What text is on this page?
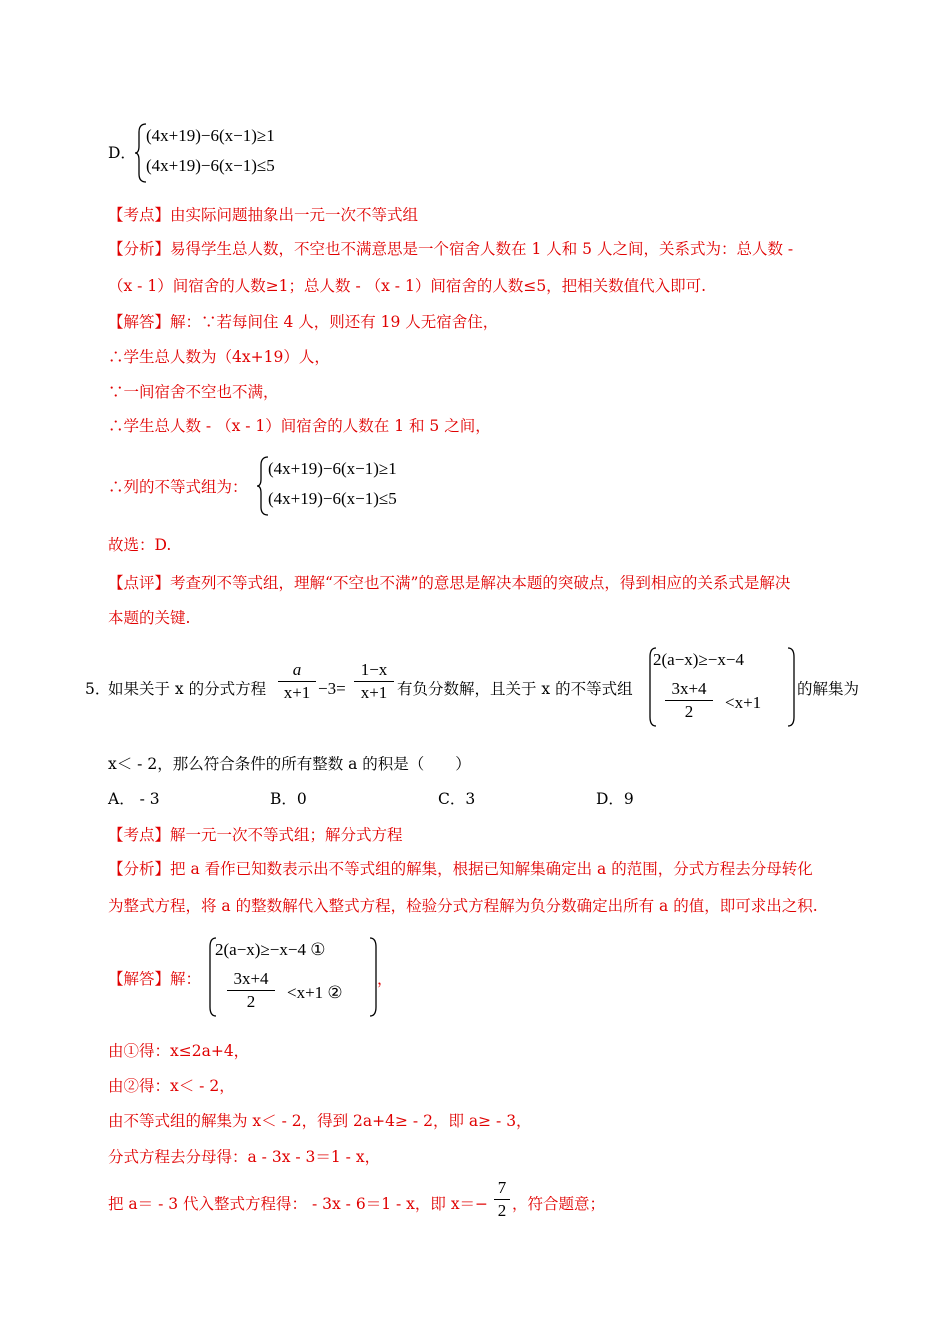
D．
(4x+19)−6(x−1)≥1
(4x+19)−6(x−1)≤5
【考点】由实际问题抽象出一元一次不等式组
【分析】易得学生总人数，不空也不满意思是一个宿舍人数在 1 人和 5 人之间，关系式为：总人数 -
（x - 1）间宿舍的人数≥1；总人数 - （x - 1）间宿舍的人数≤5，把相关数值代入即可.
【解答】解：∵若每间住 4 人，则还有 19 人无宿舍住，
∴学生总人数为（4x+19）人，
∵一间宿舍不空也不满，
∴学生总人数 - （x - 1）间宿舍的人数在 1 和 5 之间，
∴列的不等式组为：
(4x+19)−6(x−1)≥1
(4x+19)−6(x−1)≤5
故选：D.
【点评】考查列不等式组，理解“不空也不满”的意思是解决本题的突破点，得到相应的关系式是解决
本题的关键.
5．
如果关于 x 的分式方程
a
x+1 −3=
1−x
x+1 有负分数解，且关于 x 的不等式组
2(a−x)≥−x−4
3x+4
2	<x+1
的解集为
x＜ - 2，那么符合条件的所有整数 a 的积是（　　）
A． - 3	B．0	C．3	D．9
【考点】解一元一次不等式组；解分式方程
【分析】把 a 看作已知数表示出不等式组的解集，根据已知解集确定出 a 的范围，分式方程去分母转化
为整式方程，将 a 的整数解代入整式方程，检验分式方程解为负分数确定出所有 a 的值，即可求出之积.
【解答】解：
2(a−x)≥−x−4 ①
3x+4
2	<x+1 ②
，
由①得：x≤2a+4，
由②得：x＜ - 2，
由不等式组的解集为 x＜ - 2，得到 2a+4≥ - 2，即 a≥ - 3，
分式方程去分母得：a - 3x - 3＝1 - x，
把 a＝ - 3 代入整式方程得： - 3x - 6＝1 - x，即 x＝−
7
2 ，符合题意；
